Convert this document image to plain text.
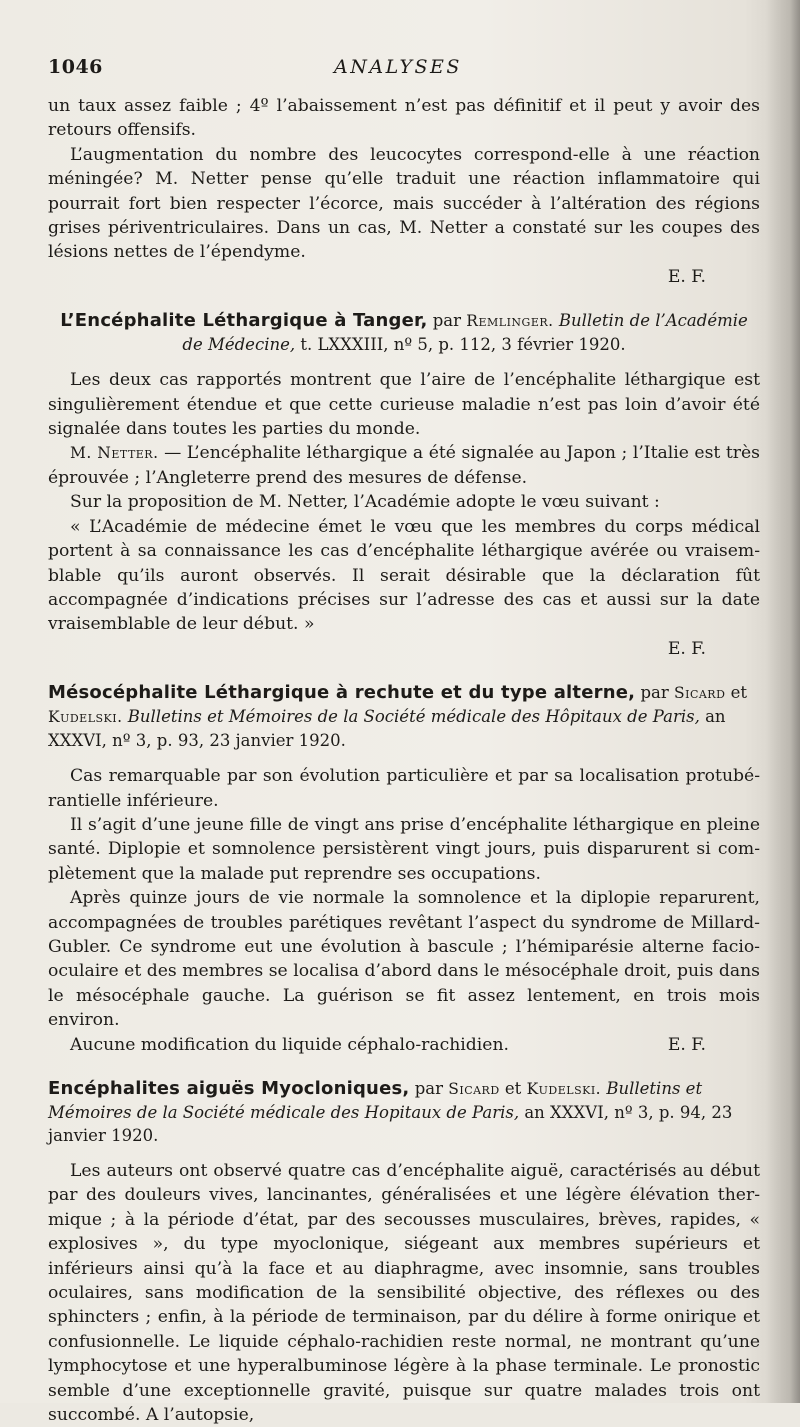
1046	ANALYSES

un taux assez faible ; 4º l’abaissement n’est pas définitif et il peut y avoir des retours offensifs.

L’augmentation du nombre des leucocytes correspond-elle à une réaction méningée? M. Netter pense qu’elle traduit une réaction inflammatoire qui pourrait fort bien respecter l’écorce, mais succéder à l’altération des régions grises périventriculaires. Dans un cas, M. Netter a constaté sur les coupes des lésions nettes de l’épendyme.

E. F.
L’Encéphalite Léthargique à Tanger, par Remlinger. Bulletin de l’Académie de Médecine, t. LXXXIII, nº 5, p. 112, 3 février 1920.

Les deux cas rapportés montrent que l’aire de l’encéphalite léthargique est singulièrement étendue et que cette curieuse maladie n’est pas loin d’avoir été signalée dans toutes les parties du monde.

M. Netter. — L’encéphalite léthargique a été signalée au Japon ; l’Italie est très éprouvée ; l’Angleterre prend des mesures de défense.

Sur la proposition de M. Netter, l’Académie adopte le vœu suivant :

« L’Académie de médecine émet le vœu que les membres du corps médical portent à sa connaissance les cas d’encéphalite léthargique avérée ou vraisemblable qu’ils auront observés. Il serait désirable que la déclaration fût accompagnée d’indications précises sur l’adresse des cas et aussi sur la date vraisemblable de leur début. »

E. F.
Mésocéphalite Léthargique à rechute et du type alterne, par Sicard et Kudelski. Bulletins et Mémoires de la Société médicale des Hôpitaux de Paris, an XXXVI, nº 3, p. 93, 23 janvier 1920.

Cas remarquable par son évolution particulière et par sa localisation protubérantielle inférieure.

Il s’agit d’une jeune fille de vingt ans prise d’encéphalite léthargique en pleine santé. Diplopie et somnolence persistèrent vingt jours, puis disparurent si complètement que la malade put reprendre ses occupations.

Après quinze jours de vie normale la somnolence et la diplopie reparurent, accompagnées de troubles parétiques revêtant l’aspect du syndrome de Millard-Gubler. Ce syndrome eut une évolution à bascule ; l’hémiparésie alterne facio-oculaire et des membres se localisa d’abord dans le mésocéphale droit, puis dans le mésocéphale gauche. La guérison se fit assez lentement, en trois mois environ.

Aucune modification du liquide céphalo-rachidien.	E. F.
Encéphalites aiguës Myocloniques, par Sicard et Kudelski. Bulletins et Mémoires de la Société médicale des Hopitaux de Paris, an XXXVI, nº 3, p. 94, 23 janvier 1920.

Les auteurs ont observé quatre cas d’encéphalite aiguë, caractérisés au début par des douleurs vives, lancinantes, généralisées et une légère élévation thermique ; à la période d’état, par des secousses musculaires, brèves, rapides, « explosives », du type myoclonique, siégeant aux membres supérieurs et inférieurs ainsi qu’à la face et au diaphragme, avec insomnie, sans troubles oculaires, sans modification de la sensibilité objective, des réflexes ou des sphincters ; enfin, à la période de terminaison, par du délire à forme onirique et confusionnelle. Le liquide céphalo-rachidien reste normal, ne montrant qu’une lymphocytose et une hyperalbuminose légère à la phase terminale. Le pronostic semble d’une exceptionnelle gravité, puisque sur quatre malades trois ont succombé. A l’autopsie,
